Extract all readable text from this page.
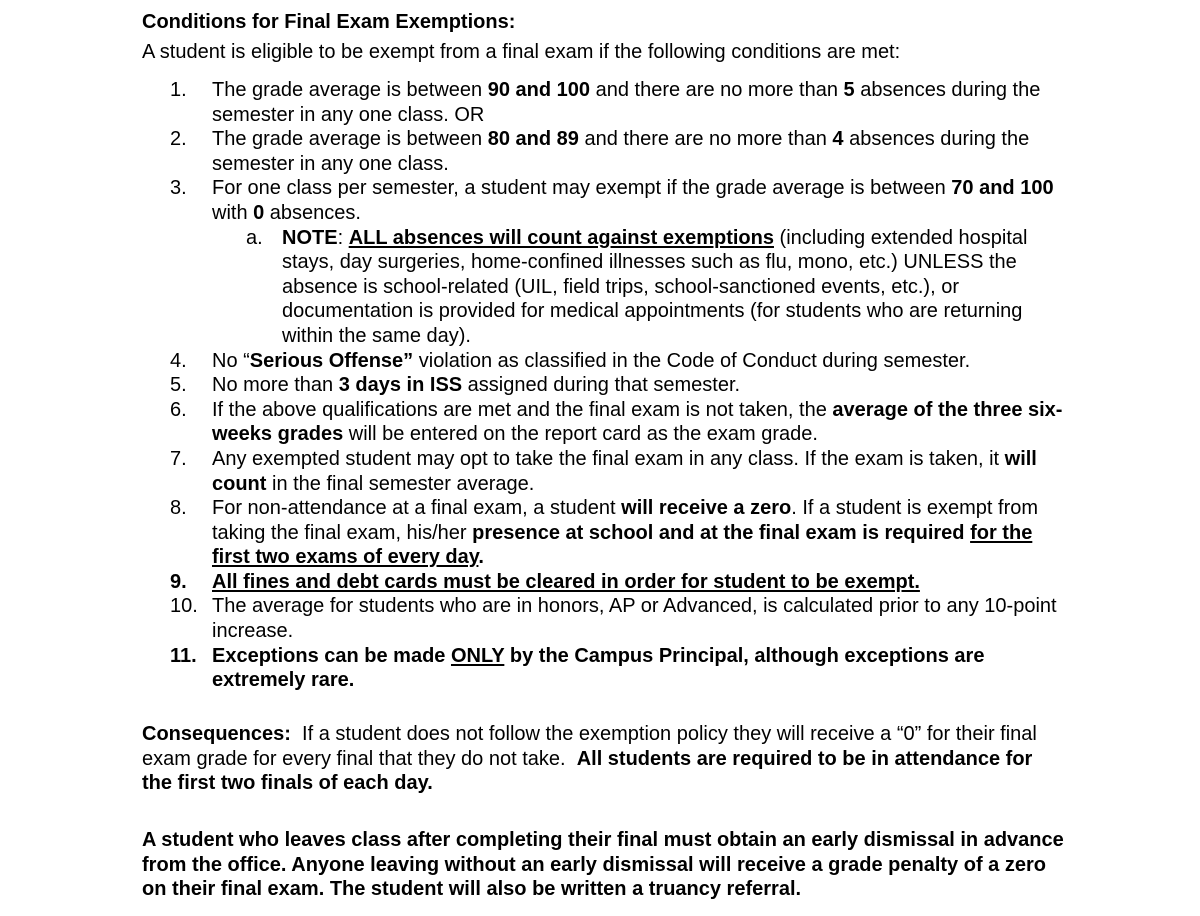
Conditions for Final Exam Exemptions:
A student is eligible to be exempt from a final exam if the following conditions are met:
1.	The grade average is between 90 and 100 and there are no more than 5 absences during the semester in any one class. OR
2.	The grade average is between 80 and 89 and there are no more than 4 absences during the semester in any one class.
3.	For one class per semester, a student may exempt if the grade average is between 70 and 100 with 0 absences.
a. NOTE: ALL absences will count against exemptions (including extended hospital stays, day surgeries, home-confined illnesses such as flu, mono, etc.) UNLESS the absence is school-related (UIL, field trips, school-sanctioned events, etc.), or documentation is provided for medical appointments (for students who are returning within the same day).
4.	No “Serious Offense” violation as classified in the Code of Conduct during semester.
5.	No more than 3 days in ISS assigned during that semester.
6.	If the above qualifications are met and the final exam is not taken, the average of the three six-weeks grades will be entered on the report card as the exam grade.
7.	Any exempted student may opt to take the final exam in any class. If the exam is taken, it will count in the final semester average.
8.	For non-attendance at a final exam, a student will receive a zero. If a student is exempt from taking the final exam, his/her presence at school and at the final exam is required for the first two exams of every day.
9.	All fines and debt cards must be cleared in order for student to be exempt.
10. The average for students who are in honors, AP or Advanced, is calculated prior to any 10-point increase.
11. Exceptions can be made ONLY by the Campus Principal, although exceptions are extremely rare.
Consequences:  If a student does not follow the exemption policy they will receive a “0” for their final exam grade for every final that they do not take.  All students are required to be in attendance for the first two finals of each day.
A student who leaves class after completing their final must obtain an early dismissal in advance from the office. Anyone leaving without an early dismissal will receive a grade penalty of a zero on their final exam. The student will also be written a truancy referral.
